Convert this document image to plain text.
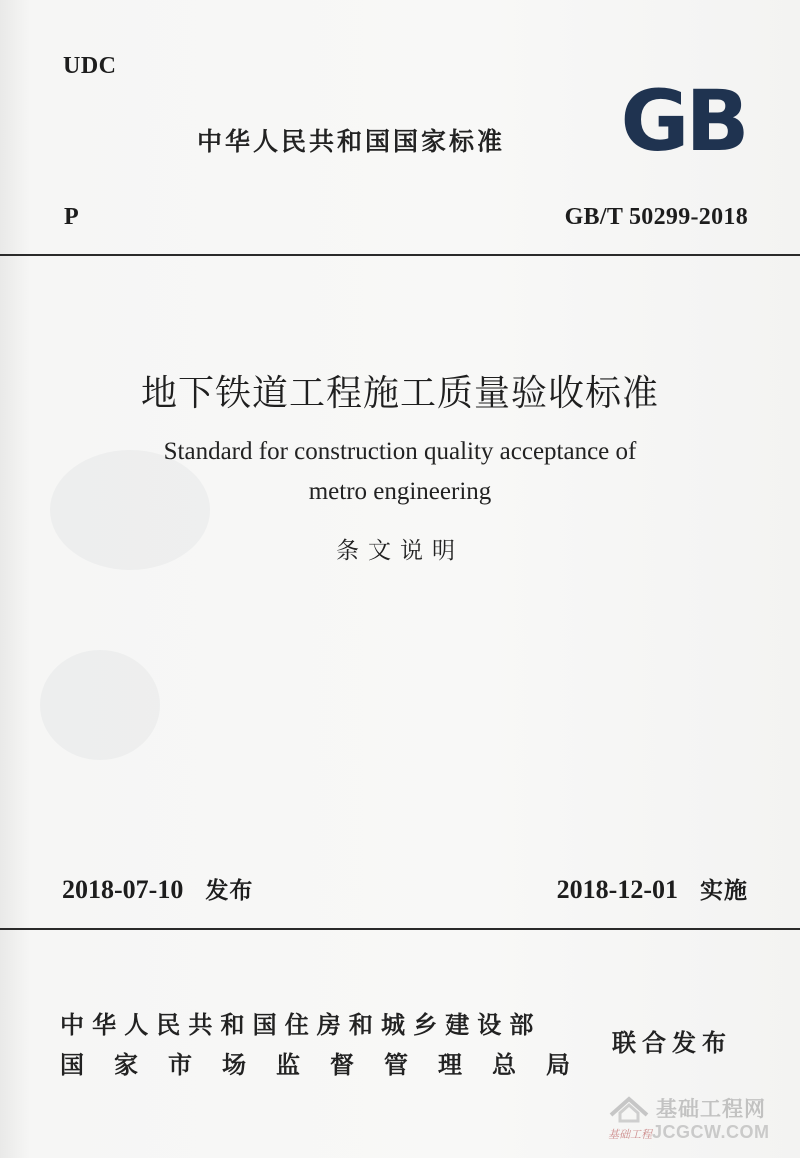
UDC
中华人民共和国国家标准 GB
P	GB/T 50299-2018
地下铁道工程施工质量验收标准
Standard for construction quality acceptance of
metro engineering
条文说明
2018-07-10 发布	2018-12-01 实施
中华人民共和国住房和城乡建设部
国家市场监督管理总局
联合发布
基础工程网
基础工程 JCGCW.COM
